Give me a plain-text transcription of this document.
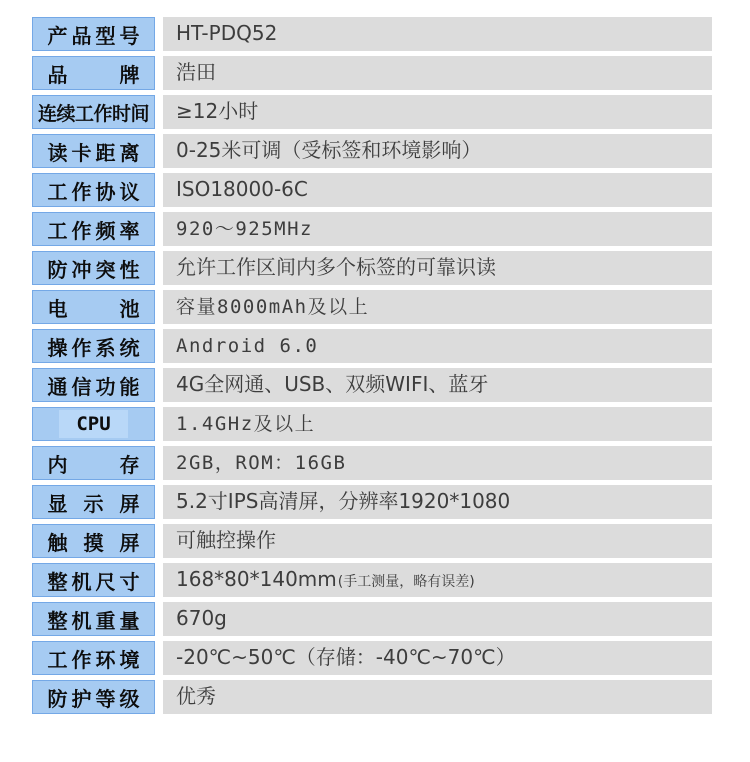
产品型号	HT-PDQ52
品牌	浩田
连续工作时间	≥12小时
读卡距离	0-25米可调（受标签和环境影响）
工作协议	ISO18000-6C
工作频率	920～925MHz
防冲突性	允许工作区间内多个标签的可靠识读
电池	容量8000mAh及以上
操作系统	Android 6.0
通信功能	4G全网通、USB、双频WIFI、蓝牙
CPU	1.4GHz及以上
内存	2GB，ROM：16GB
显示屏	5.2寸IPS高清屏，分辨率1920*1080
触摸屏	可触控操作
整机尺寸	168*80*140mm(手工测量，略有误差)
整机重量	670g
工作环境	-20℃~50℃（存储：-40℃~70℃）
防护等级	优秀
